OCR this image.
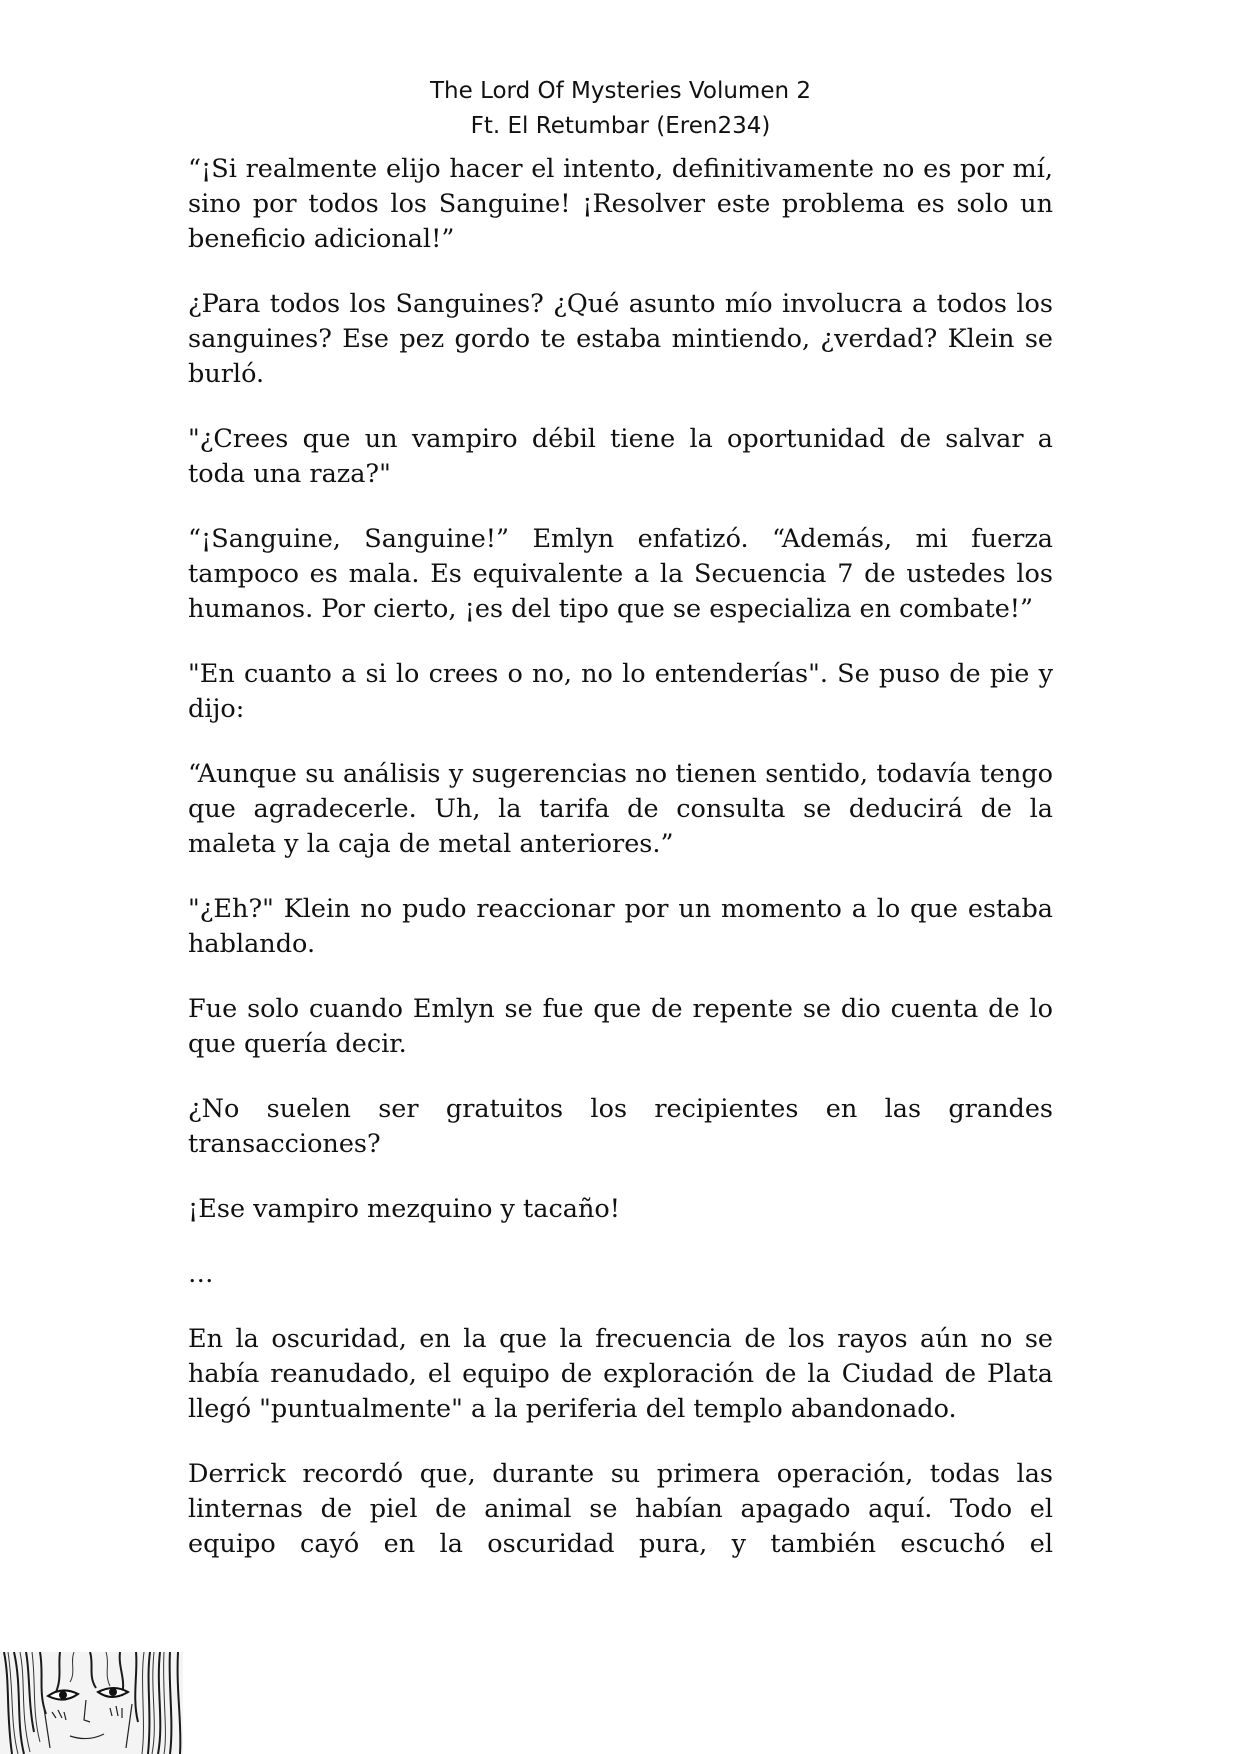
The Lord Of Mysteries Volumen 2
Ft. El Retumbar (Eren234)

“¡Si realmente elijo hacer el intento, definitivamente no es por mí, sino por todos los Sanguine! ¡Resolver este problema es solo un beneficio adicional!”

¿Para todos los Sanguines? ¿Qué asunto mío involucra a todos los sanguines? Ese pez gordo te estaba mintiendo, ¿verdad? Klein se burló.

"¿Crees que un vampiro débil tiene la oportunidad de salvar a toda una raza?"

“¡Sanguine, Sanguine!” Emlyn enfatizó. “Además, mi fuerza tampoco es mala. Es equivalente a la Secuencia 7 de ustedes los humanos. Por cierto, ¡es del tipo que se especializa en combate!”

"En cuanto a si lo crees o no, no lo entenderías". Se puso de pie y dijo:

“Aunque su análisis y sugerencias no tienen sentido, todavía tengo que agradecerle. Uh, la tarifa de consulta se deducirá de la maleta y la caja de metal anteriores.”

"¿Eh?" Klein no pudo reaccionar por un momento a lo que estaba hablando.

Fue solo cuando Emlyn se fue que de repente se dio cuenta de lo que quería decir.

¿No suelen ser gratuitos los recipientes en las grandes transacciones?

¡Ese vampiro mezquino y tacaño!

…

En la oscuridad, en la que la frecuencia de los rayos aún no se había reanudado, el equipo de exploración de la Ciudad de Plata llegó "puntualmente" a la periferia del templo abandonado.

Derrick recordó que, durante su primera operación, todas las linternas de piel de animal se habían apagado aquí. Todo el equipo cayó en la oscuridad pura, y también escuchó el
